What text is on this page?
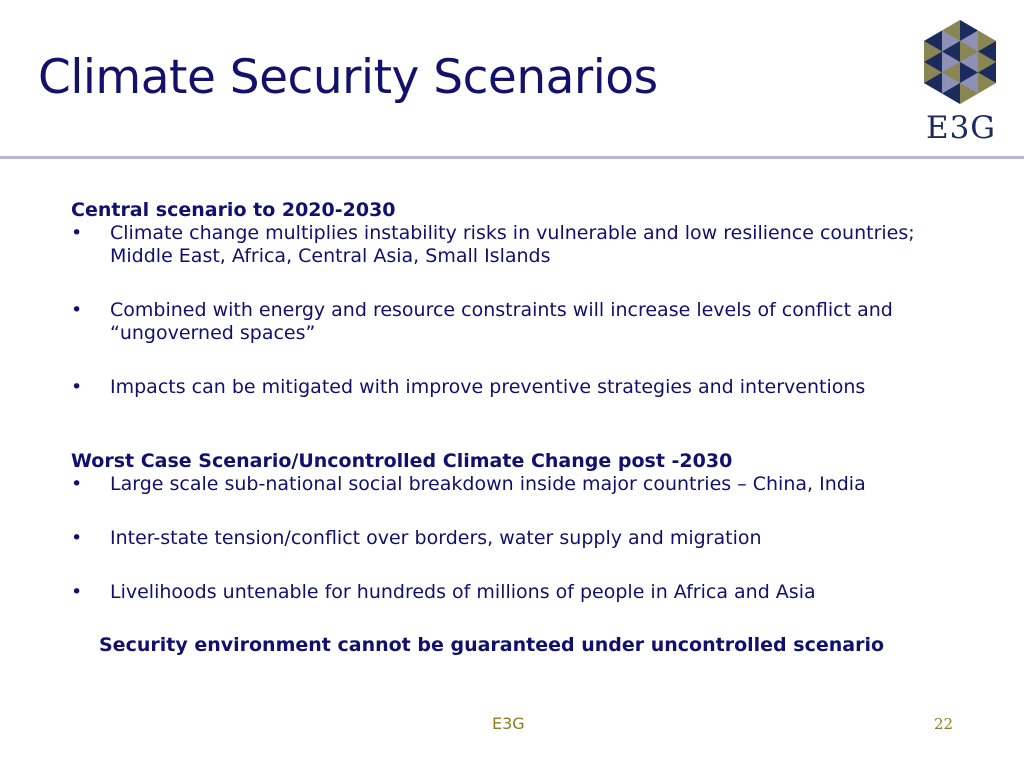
Climate Security Scenarios
E3G
Central scenario to 2020-2030
• Climate change multiplies instability risks in vulnerable and low resilience countries; Middle East, Africa, Central Asia, Small Islands
• Combined with energy and resource constraints will increase levels of conflict and “ungoverned spaces”
• Impacts can be mitigated with improve preventive strategies and interventions
Worst Case Scenario/Uncontrolled Climate Change post -2030
• Large scale sub-national social breakdown inside major countries – China, India
• Inter-state tension/conflict over borders, water supply and migration
• Livelihoods untenable for hundreds of millions of people in Africa and Asia
Security environment cannot be guaranteed under uncontrolled scenario
E3G	22
